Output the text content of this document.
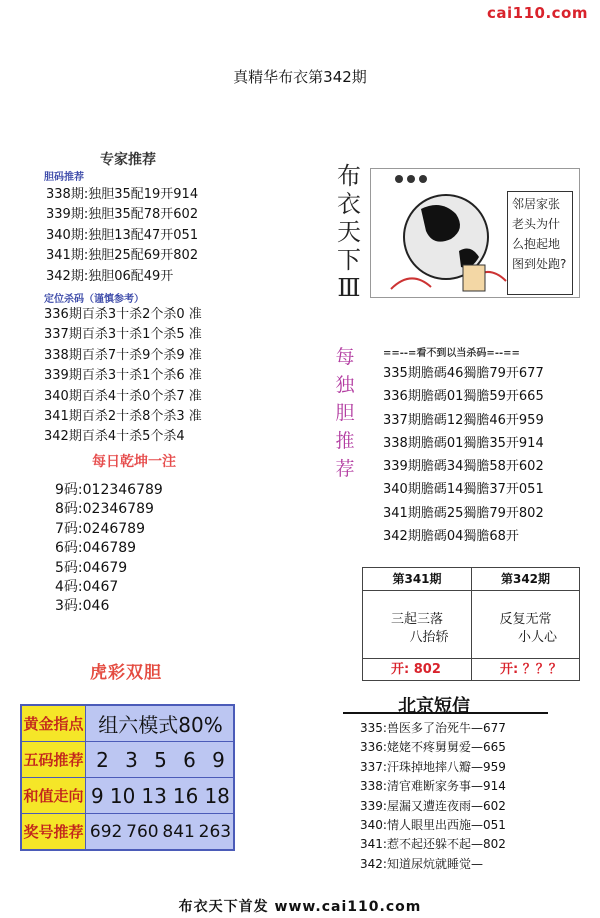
cai110.com
真精华布衣第342期
专家推荐
胆码推荐
338期:独胆35配19开914
339期:独胆35配78开602
340期:独胆13配47开051
341期:独胆25配69开802
342期:独胆06配49开
定位杀码（谨慎参考）
336期百杀3十杀2个杀0 准
337期百杀3十杀1个杀5 准
338期百杀7十杀9个杀9 准
339期百杀3十杀1个杀6 准
340期百杀4十杀0个杀7 准
341期百杀2十杀8个杀3 准
342期百杀4十杀5个杀4
每日乾坤一注
9码:012346789
8码:02346789
7码:0246789
6码:046789
5码:04679
4码:0467
3码:046
虎彩双胆
黄金指点 组六模式80%
五码推荐 2 3 5 6 9
和值走向 9 10 13 16 18
奖号推荐 692 760 841 263
布
衣
天
下
Ⅲ
邻居家张老头为什么抱起地图到处跑?
每
独
胆
推
荐
==--=看不到以当杀码=--==
335期膽碼46獨膽79开677
336期膽碼01獨膽59开665
337期膽碼12獨膽46开959
338期膽碼01獨膽35开914
339期膽碼34獨膽58开602
340期膽碼14獨膽37开051
341期膽碼25獨膽79开802
342期膽碼04獨膽68开
第341期
三起三落
八抬轿
开: 802
第342期
反复无常
小人心
开: ？？？
北京短信
335:兽医多了治死牛—677
336:姥姥不疼舅舅爱—665
337:汗珠掉地摔八瓣—959
338:清官难断家务事—914
339:屋漏又遭连夜雨—602
340:情人眼里出西施—051
341:惹不起还躲不起—802
342:知道尿炕就睡觉—
布衣天下首发 www.cai110.com
